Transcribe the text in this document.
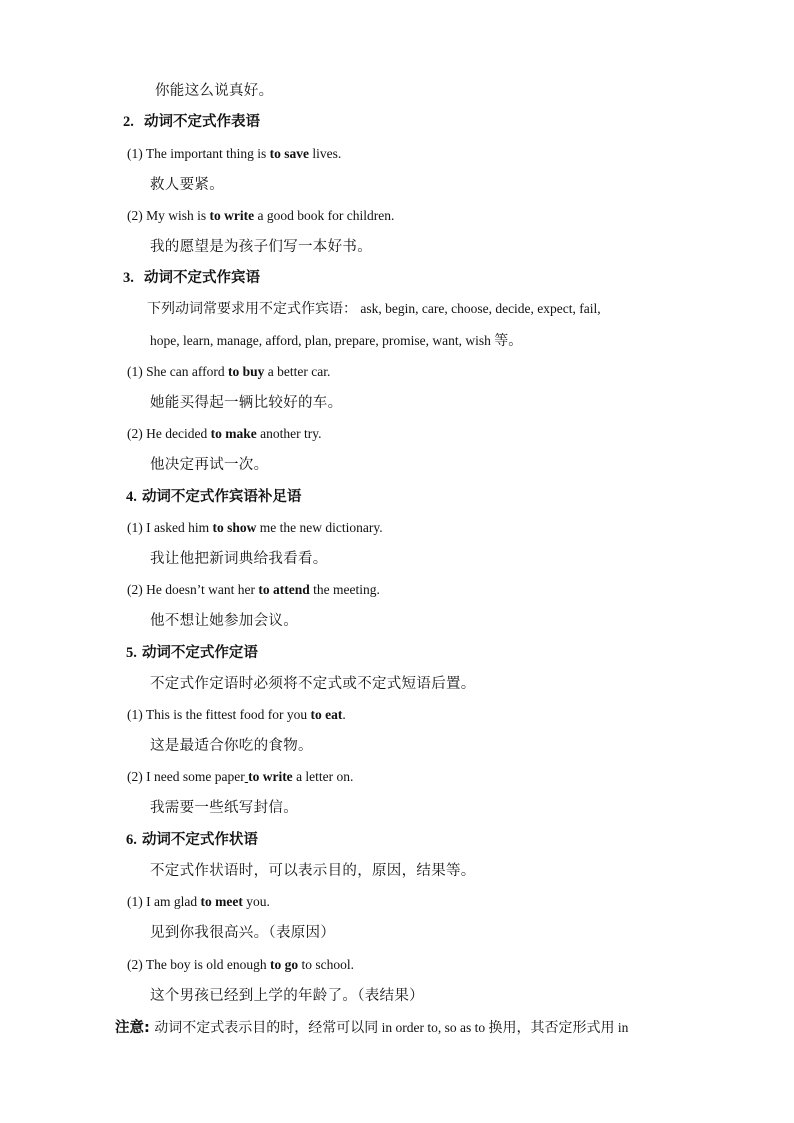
你能这么说真好。
2. 动词不定式作表语
(1) The important thing is to save lives.
救人要紧。
(2) My wish is to write a good book for children.
我的愿望是为孩子们写一本好书。
3. 动词不定式作宾语
下列动词常要求用不定式作宾语： ask, begin, care, choose, decide, expect, fail,
hope, learn, manage, afford, plan, prepare, promise, want, wish 等。
(1) She can afford to buy a better car.
她能买得起一辆比较好的车。
(2) He decided to make another try.
他决定再试一次。
4. 动词不定式作宾语补足语
(1) I asked him to show me the new dictionary.
我让他把新词典给我看看。
(2) He doesn’t want her to attend the meeting.
他不想让她参加会议。
5. 动词不定式作定语
不定式作定语时必须将不定式或不定式短语后置。
(1) This is the fittest food for you to eat.
这是最适合你吃的食物。
(2) I need some paper to write a letter on.
我需要一些纸写封信。
6. 动词不定式作状语
不定式作状语时，可以表示目的，原因，结果等。
(1) I am glad to meet you.
见到你我很高兴。（表原因）
(2) The boy is old enough to go to school.
这个男孩已经到上学的年龄了。（表结果）
注意: 动词不定式表示目的时，经常可以同 in order to, so as to 换用，其否定形式用 in
